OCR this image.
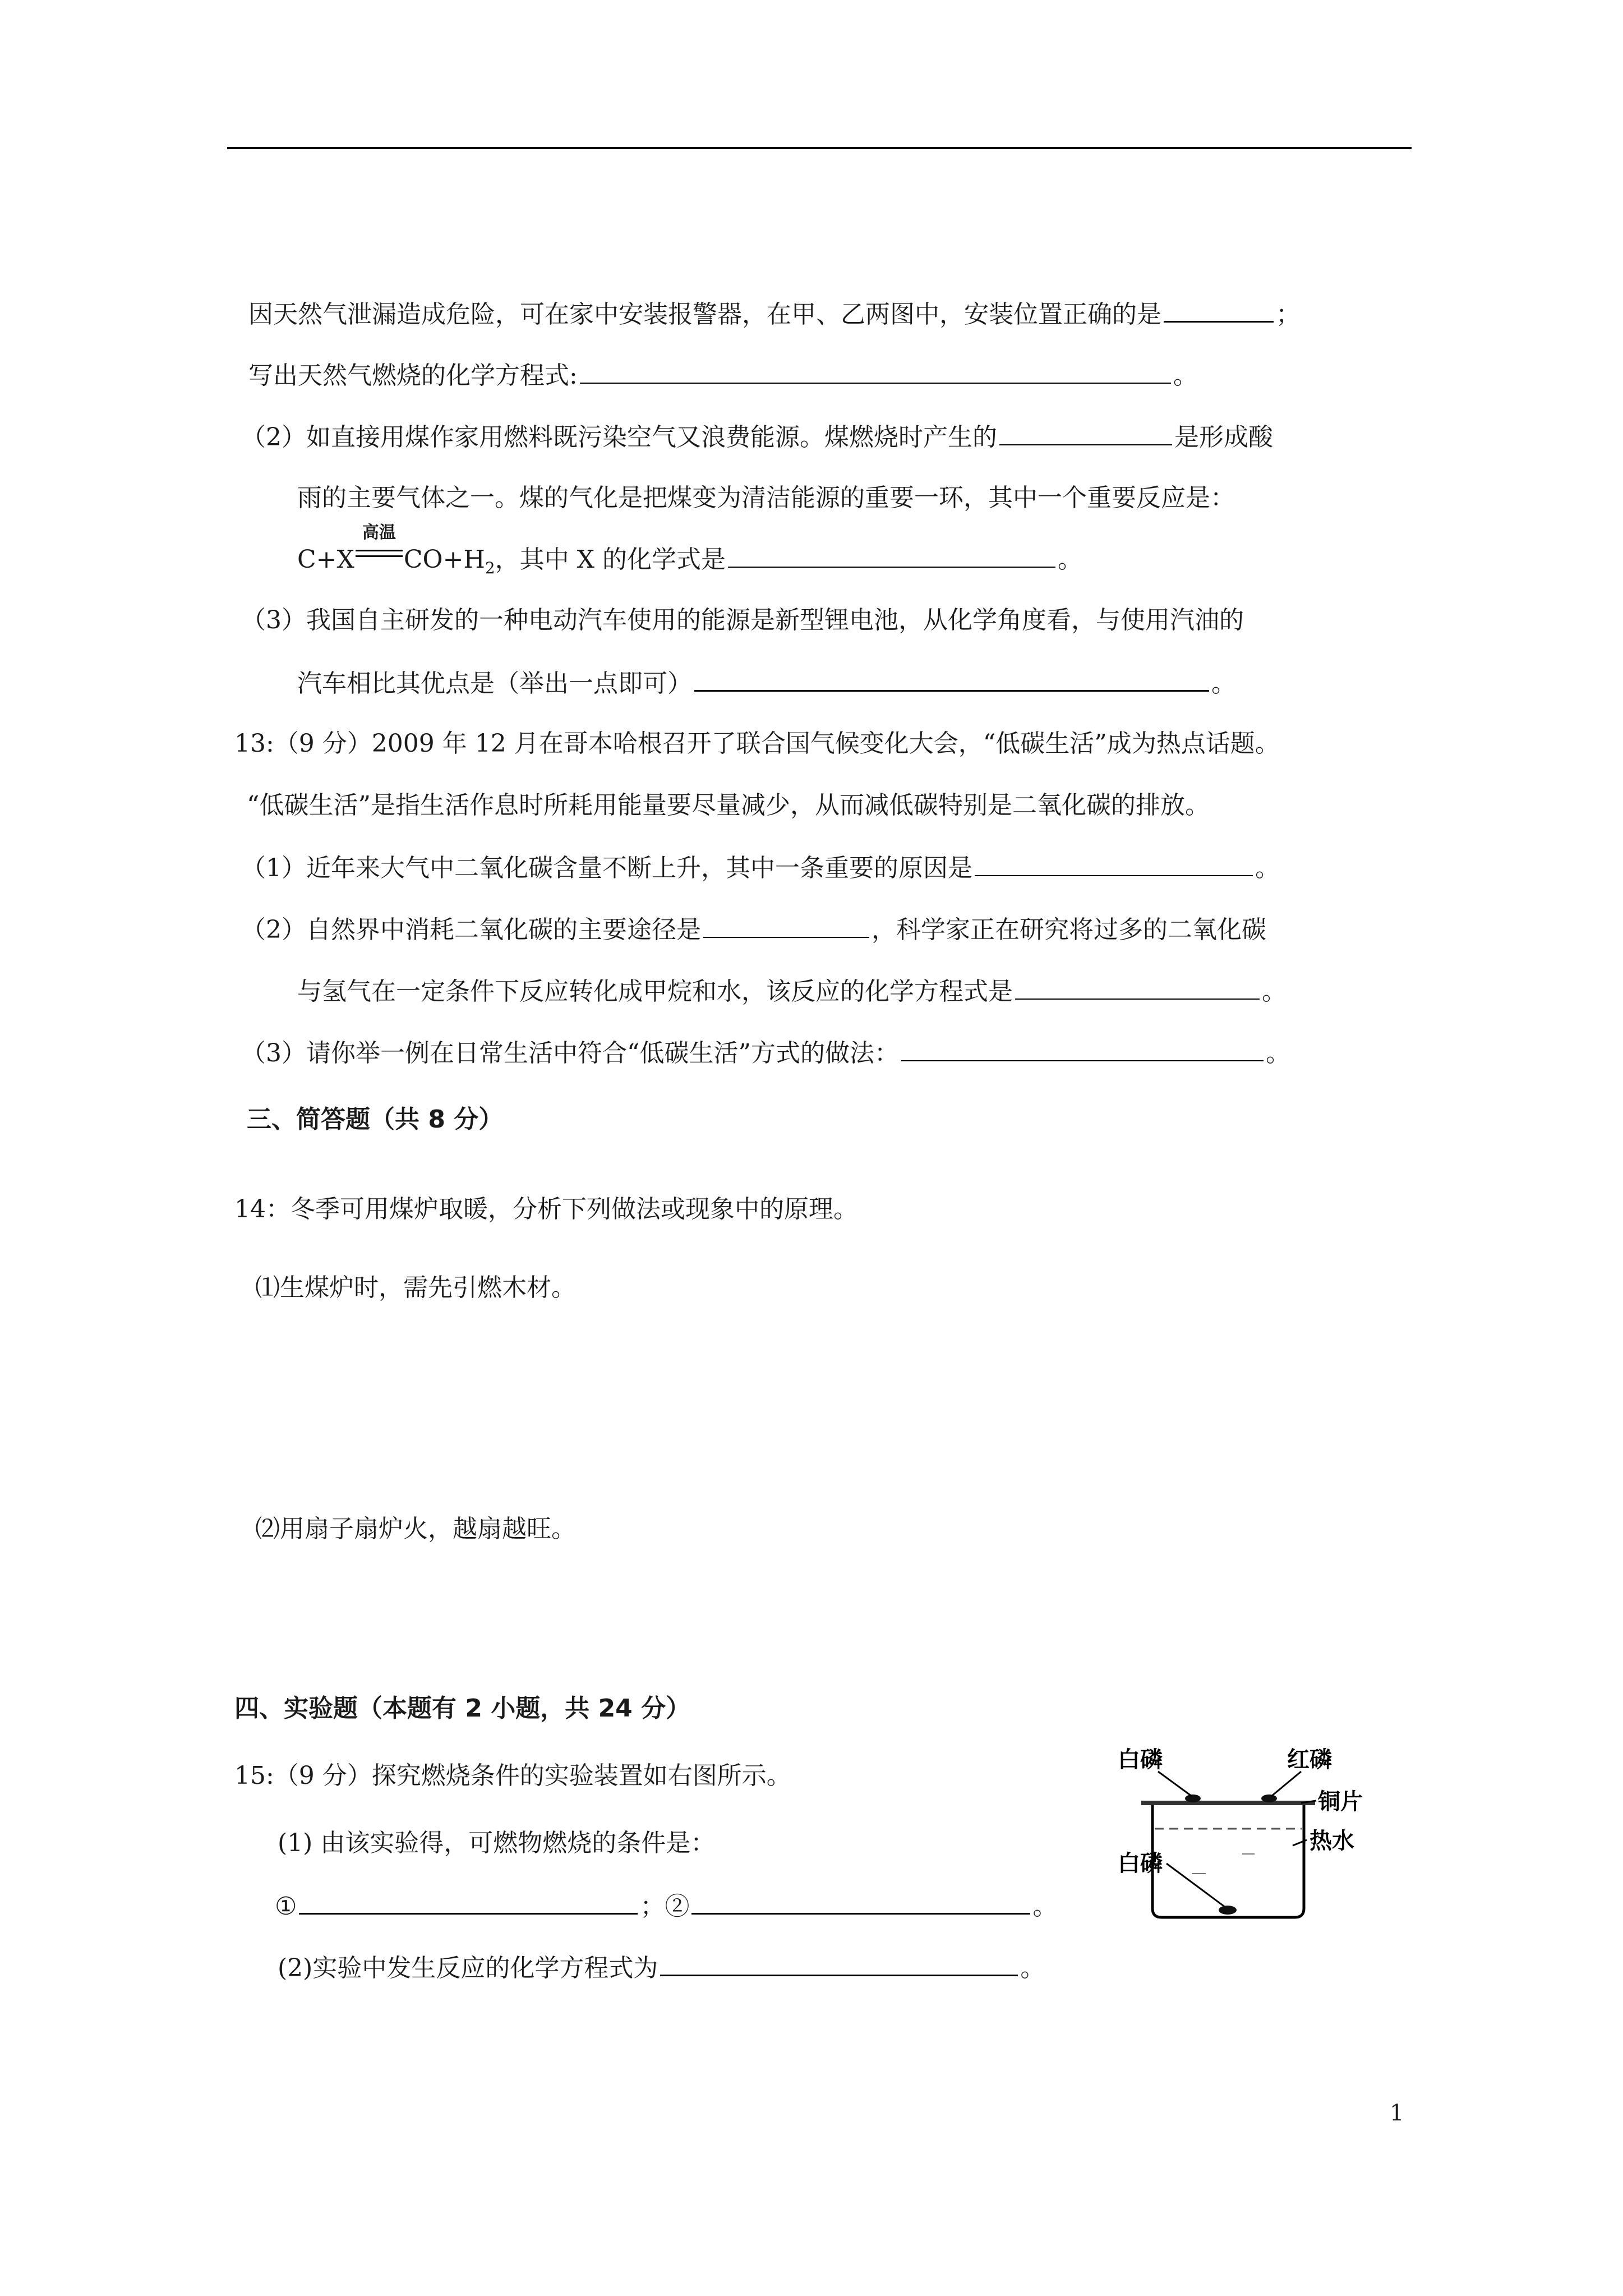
因天然气泄漏造成危险，可在家中安装报警器，在甲、乙两图中，安装位置正确的是	；
写出天然气燃烧的化学方程式:	。
（2）如直接用煤作家用燃料既污染空气又浪费能源。煤燃烧时产生的	是形成酸
雨的主要气体之一。煤的气化是把煤变为清洁能源的重要一环，其中一个重要反应是：
C+X
高温
$CO+H_2$，其中 X 的化学式是	。
（3）我国自主研发的一种电动汽车使用的能源是新型锂电池，从化学角度看，与使用汽油的
汽车相比其优点是（举出一点即可）	。
13:（9 分）2009 年 12 月在哥本哈根召开了联合国气候变化大会，“低碳生活”成为热点话题。
“低碳生活”是指生活作息时所耗用能量要尽量减少，从而减低碳特别是二氧化碳的排放。
（1）近年来大气中二氧化碳含量不断上升，其中一条重要的原因是	。
（2）自然界中消耗二氧化碳的主要途径是	，科学家正在研究将过多的二氧化碳
与氢气在一定条件下反应转化成甲烷和水，该反应的化学方程式是	。
（3）请你举一例在日常生活中符合“低碳生活”方式的做法：	。
三、简答题（共 8 分）
14：冬季可用煤炉取暖，分析下列做法或现象中的原理。
⑴生煤炉时，需先引燃木材。
⑵用扇子扇炉火，越扇越旺。
四、实验题（本题有 2 小题，共 24 分）
15:（9 分）探究燃烧条件的实验装置如右图所示。
(1) 由该实验得，可燃物燃烧的条件是：
①	；②	。
(2)实验中发生反应的化学方程式为	。
白磷	红磷
铜片
热水
白磷
1
